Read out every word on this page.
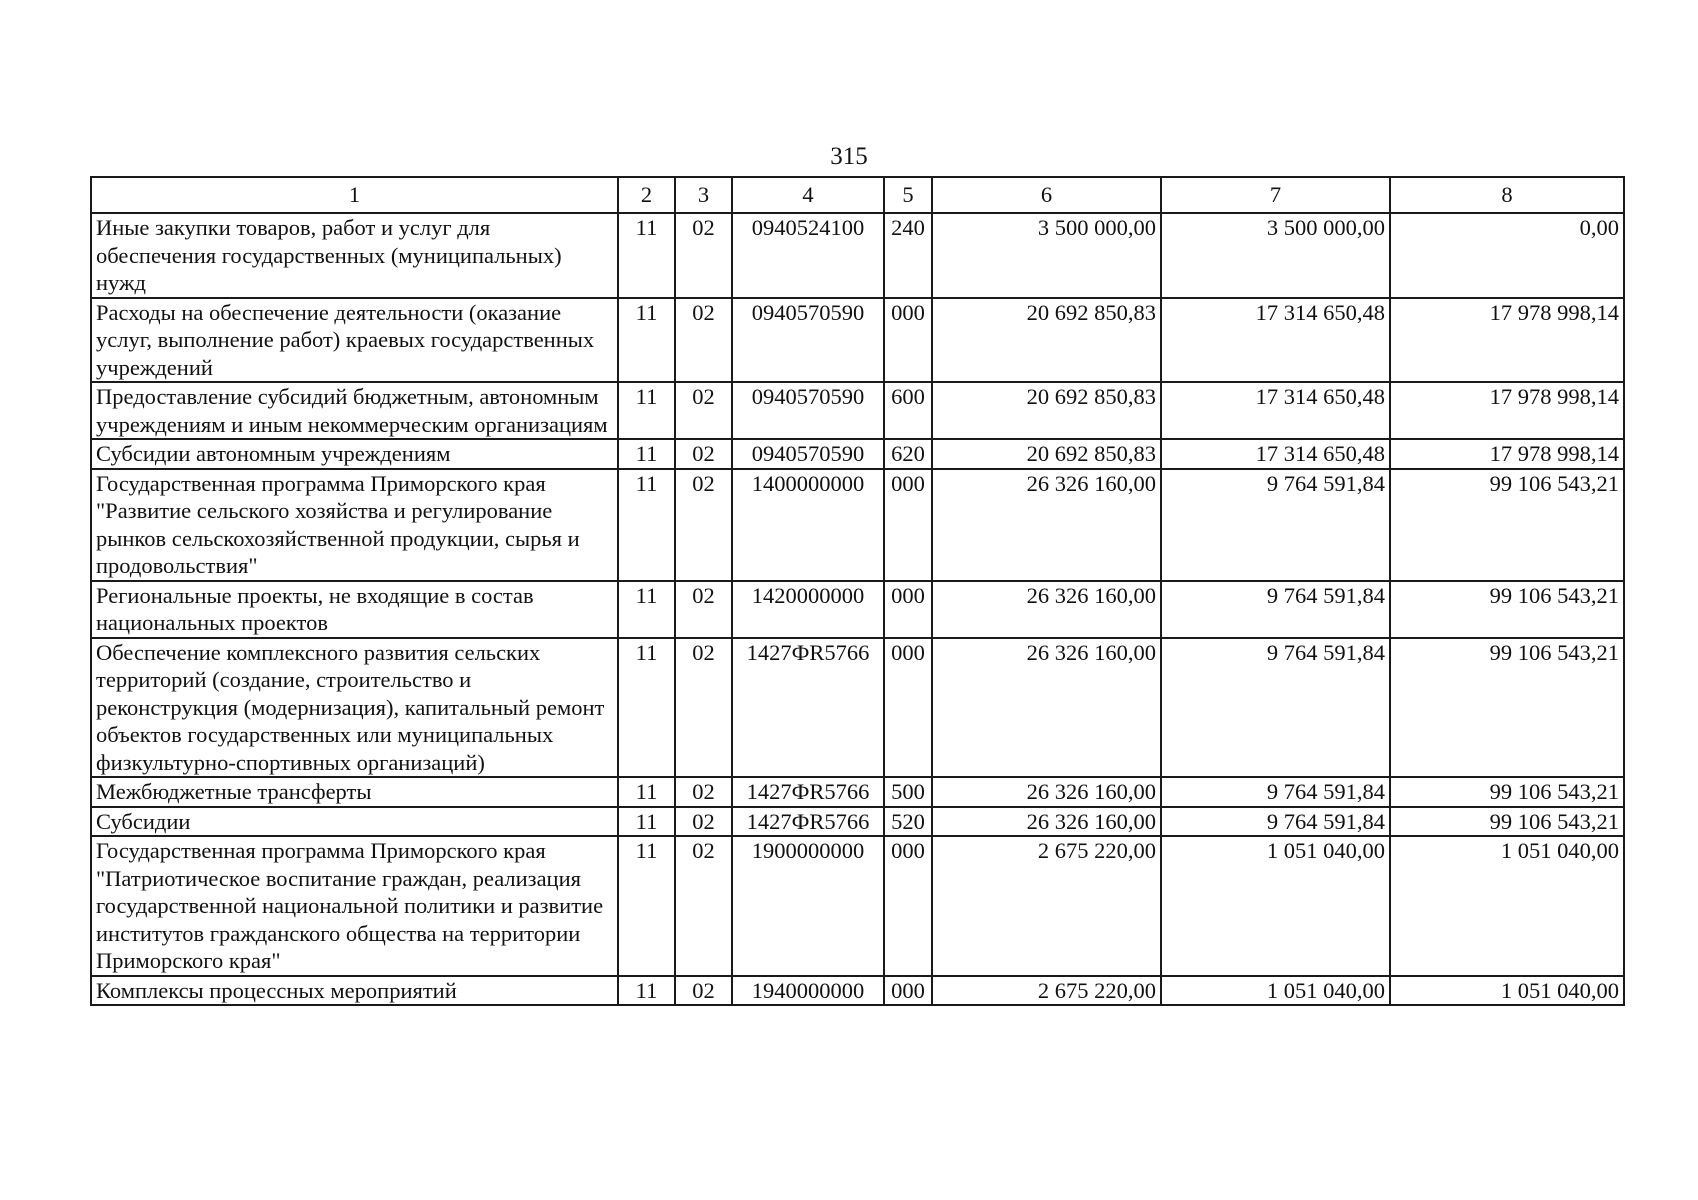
315
1	2	3	4	5	6	7	8
Иные закупки товаров, работ и услуг для обеспечения государственных (муниципальных) нужд	11	02	0940524100	240	3 500 000,00	3 500 000,00	0,00
Расходы на обеспечение деятельности (оказание услуг, выполнение работ) краевых государственных учреждений	11	02	0940570590	000	20 692 850,83	17 314 650,48	17 978 998,14
Предоставление субсидий бюджетным, автономным учреждениям и иным некоммерческим организациям	11	02	0940570590	600	20 692 850,83	17 314 650,48	17 978 998,14
Субсидии автономным учреждениям	11	02	0940570590	620	20 692 850,83	17 314 650,48	17 978 998,14
Государственная программа Приморского края "Развитие сельского хозяйства и регулирование рынков сельскохозяйственной продукции, сырья и продовольствия"	11	02	1400000000	000	26 326 160,00	9 764 591,84	99 106 543,21
Региональные проекты, не входящие в состав национальных проектов	11	02	1420000000	000	26 326 160,00	9 764 591,84	99 106 543,21
Обеспечение комплексного развития сельских территорий (создание, строительство и реконструкция (модернизация), капитальный ремонт объектов государственных или муниципальных физкультурно-спортивных организаций)	11	02	1427ФR5766	000	26 326 160,00	9 764 591,84	99 106 543,21
Межбюджетные трансферты	11	02	1427ФR5766	500	26 326 160,00	9 764 591,84	99 106 543,21
Субсидии	11	02	1427ФR5766	520	26 326 160,00	9 764 591,84	99 106 543,21
Государственная программа Приморского края "Патриотическое воспитание граждан, реализация государственной национальной политики и развитие институтов гражданского общества на территории Приморского края"	11	02	1900000000	000	2 675 220,00	1 051 040,00	1 051 040,00
Комплексы процессных мероприятий	11	02	1940000000	000	2 675 220,00	1 051 040,00	1 051 040,00
